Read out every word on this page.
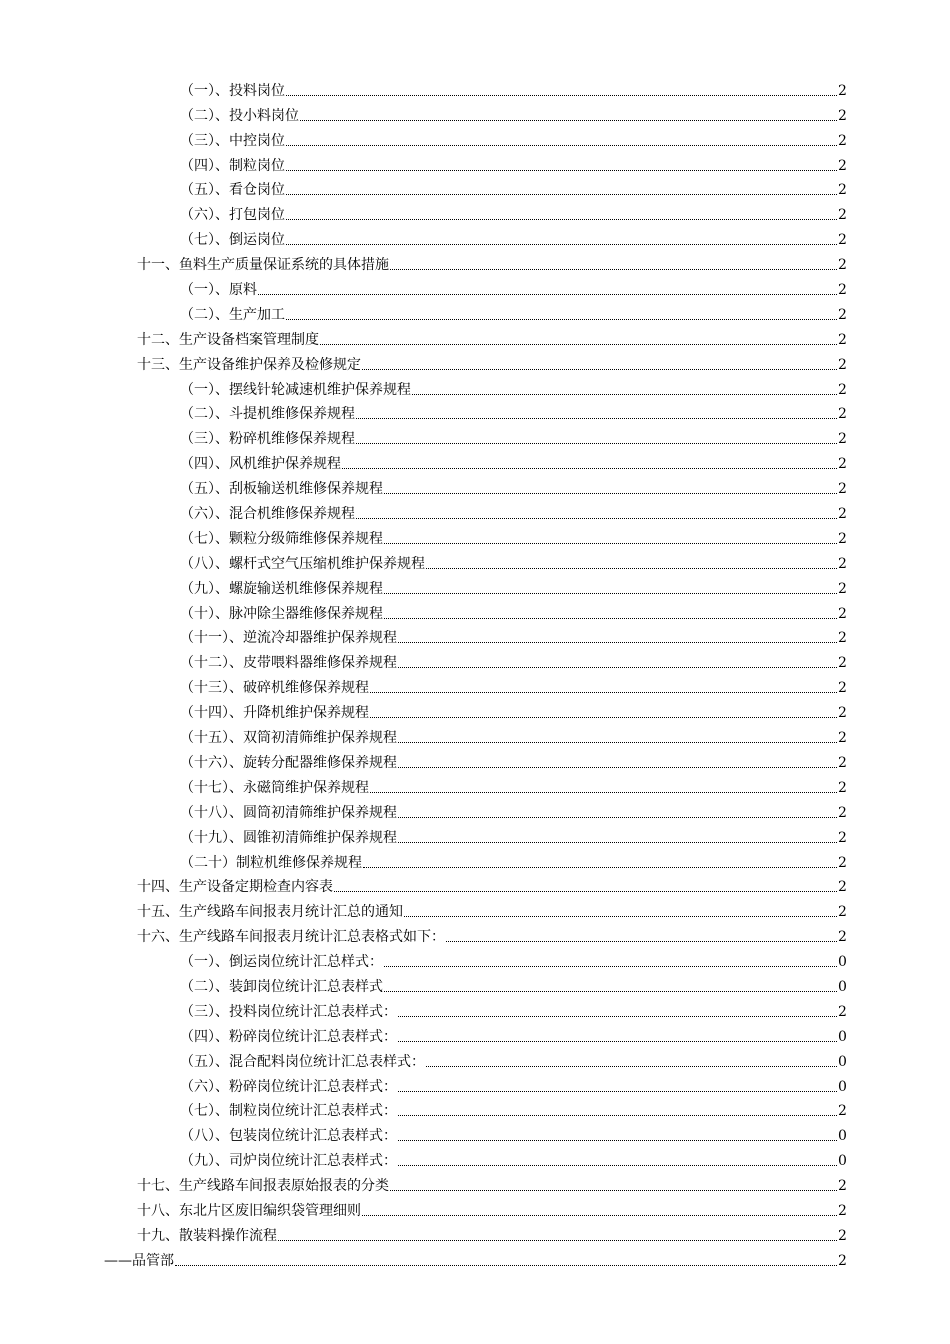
（一）、投料岗位	2
（二）、投小料岗位	2
（三）、中控岗位	2
（四）、制粒岗位	2
（五）、看仓岗位	2
（六）、打包岗位	2
（七）、倒运岗位	2
十一、鱼料生产质量保证系统的具体措施	2
（一）、原料	2
（二）、生产加工	2
十二、生产设备档案管理制度	2
十三、生产设备维护保养及检修规定	2
（一）、摆线针轮减速机维护保养规程	2
（二）、斗提机维修保养规程	2
（三）、粉碎机维修保养规程	2
（四）、风机维护保养规程	2
（五）、刮板输送机维修保养规程	2
（六）、混合机维修保养规程	2
（七）、颗粒分级筛维修保养规程	2
（八）、螺杆式空气压缩机维护保养规程	2
（九）、螺旋输送机维修保养规程	2
（十）、脉冲除尘器维修保养规程	2
（十一）、逆流冷却器维护保养规程	2
（十二）、皮带喂料器维修保养规程	2
（十三）、破碎机维修保养规程	2
（十四）、升降机维护保养规程	2
（十五）、双筒初清筛维护保养规程	2
（十六）、旋转分配器维修保养规程	2
（十七）、永磁筒维护保养规程	2
（十八）、圆筒初清筛维护保养规程	2
（十九）、圆锥初清筛维护保养规程	2
（二十）制粒机维修保养规程	2
十四、生产设备定期检查内容表	2
十五、生产线路车间报表月统计汇总的通知	2
十六、生产线路车间报表月统计汇总表格式如下：	2
（一）、倒运岗位统计汇总样式：	0
（二）、装卸岗位统计汇总表样式	0
（三）、投料岗位统计汇总表样式：	2
（四）、粉碎岗位统计汇总表样式：	0
（五）、混合配料岗位统计汇总表样式：	0
（六）、粉碎岗位统计汇总表样式：	0
（七）、制粒岗位统计汇总表样式：	2
（八）、包装岗位统计汇总表样式：	0
（九）、司炉岗位统计汇总表样式：	0
十七、生产线路车间报表原始报表的分类	2
十八、东北片区废旧编织袋管理细则	2
十九、散装料操作流程	2
——品管部	2
